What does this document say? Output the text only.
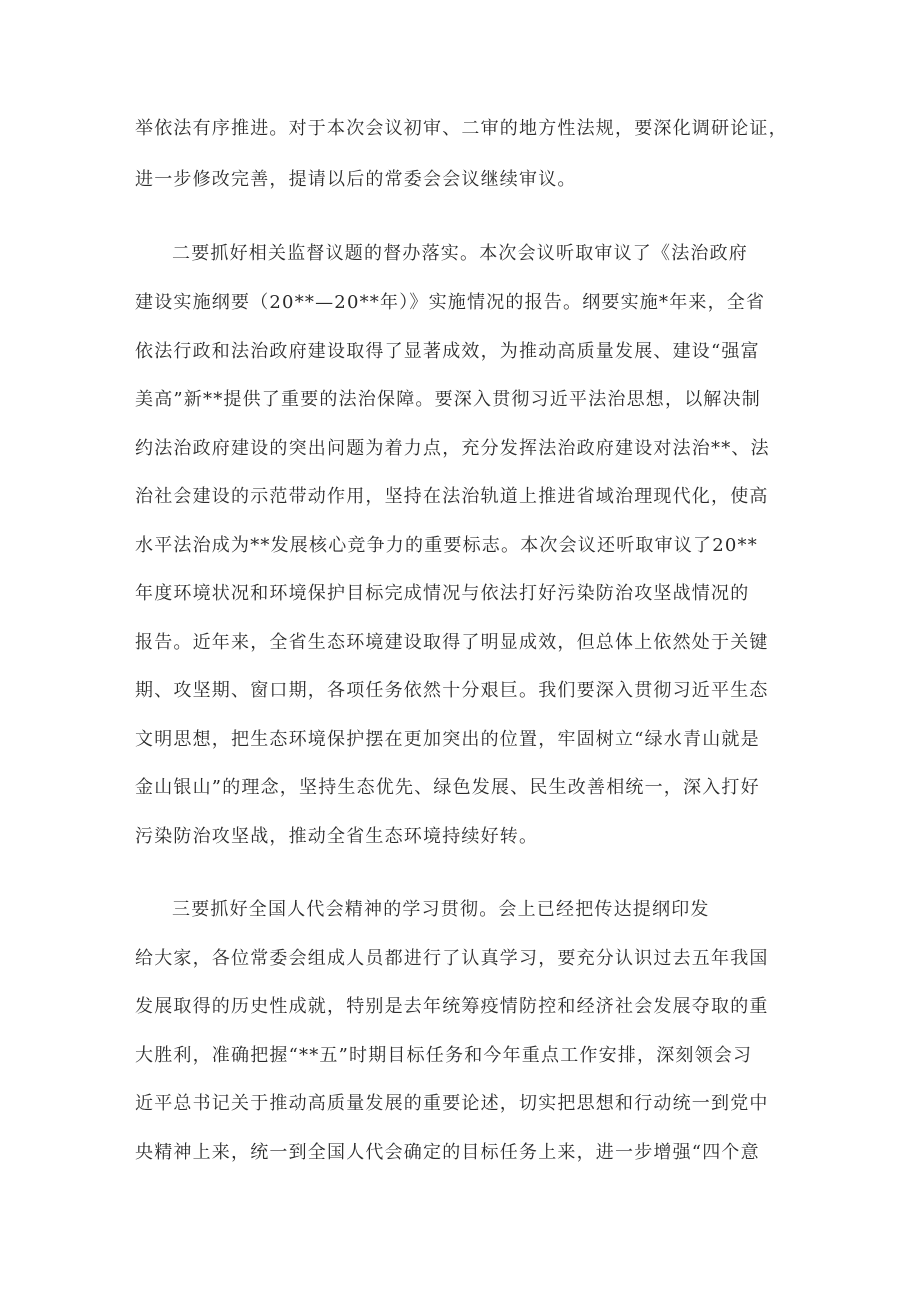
举依法有序推进。对于本次会议初审、二审的地方性法规，要深化调研论证，
进一步修改完善，提请以后的常委会会议继续审议。
二要抓好相关监督议题的督办落实。本次会议听取审议了《法治政府
建设实施纲要（20**—20**年）》实施情况的报告。纲要实施*年来，全省
依法行政和法治政府建设取得了显著成效，为推动高质量发展、建设“强富
美高”新**提供了重要的法治保障。要深入贯彻习近平法治思想，以解决制
约法治政府建设的突出问题为着力点，充分发挥法治政府建设对法治**、法
治社会建设的示范带动作用，坚持在法治轨道上推进省域治理现代化，使高
水平法治成为**发展核心竞争力的重要标志。本次会议还听取审议了20**
年度环境状况和环境保护目标完成情况与依法打好污染防治攻坚战情况的
报告。近年来，全省生态环境建设取得了明显成效，但总体上依然处于关键
期、攻坚期、窗口期，各项任务依然十分艰巨。我们要深入贯彻习近平生态
文明思想，把生态环境保护摆在更加突出的位置，牢固树立“绿水青山就是
金山银山”的理念，坚持生态优先、绿色发展、民生改善相统一，深入打好
污染防治攻坚战，推动全省生态环境持续好转。
三要抓好全国人代会精神的学习贯彻。会上已经把传达提纲印发
给大家，各位常委会组成人员都进行了认真学习，要充分认识过去五年我国
发展取得的历史性成就，特别是去年统筹疫情防控和经济社会发展夺取的重
大胜利，准确把握“**五”时期目标任务和今年重点工作安排，深刻领会习
近平总书记关于推动高质量发展的重要论述，切实把思想和行动统一到党中
央精神上来，统一到全国人代会确定的目标任务上来，进一步增强“四个意
